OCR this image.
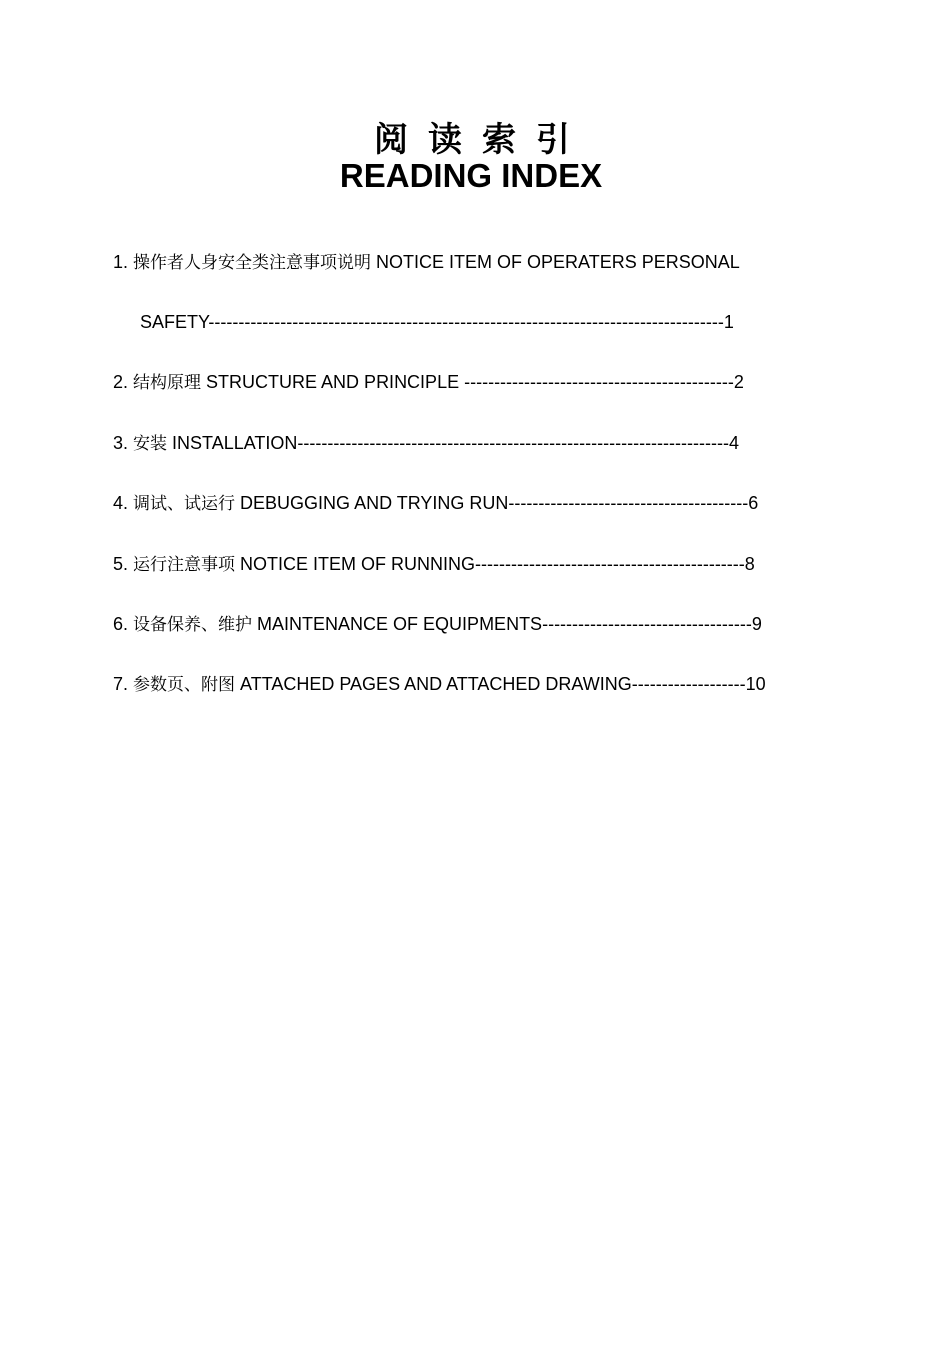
阅读索引
READING INDEX
1. 操作者人身安全类注意事项说明 NOTICE ITEM OF OPERATERS PERSONAL
SAFETY--------------------------------------------------------------------------------------1
2. 结构原理 STRUCTURE AND PRINCIPLE ---------------------------------------------2
3. 安装 INSTALLATION------------------------------------------------------------------------4
4. 调试、试运行 DEBUGGING AND TRYING RUN----------------------------------------6
5. 运行注意事项 NOTICE ITEM OF RUNNING---------------------------------------------8
6. 设备保养、维护 MAINTENANCE OF EQUIPMENTS-----------------------------------9
7. 参数页、附图 ATTACHED PAGES AND ATTACHED DRAWING-------------------10
